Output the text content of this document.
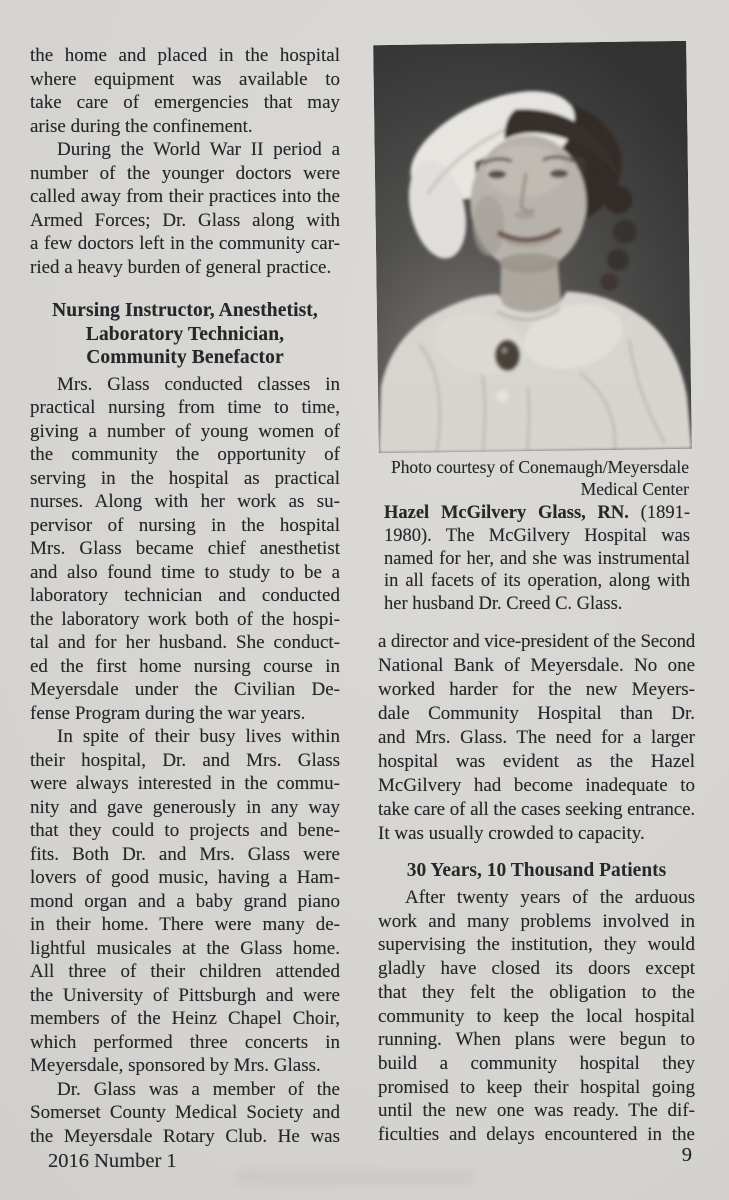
the home and placed in the hospital
where equipment was available to
take care of emergencies that may
arise during the confinement.
During the World War II period a
number of the younger doctors were
called away from their practices into the
Armed Forces; Dr. Glass along with
a few doctors left in the community car-
ried a heavy burden of general practice.
Nursing Instructor, Anesthetist,
Laboratory Technician,
Community Benefactor
Mrs. Glass conducted classes in
practical nursing from time to time,
giving a number of young women of
the community the opportunity of
serving in the hospital as practical
nurses. Along with her work as su-
pervisor of nursing in the hospital
Mrs. Glass became chief anesthetist
and also found time to study to be a
laboratory technician and conducted
the laboratory work both of the hospi-
tal and for her husband. She conduct-
ed the first home nursing course in
Meyersdale under the Civilian De-
fense Program during the war years.
In spite of their busy lives within
their hospital, Dr. and Mrs. Glass
were always interested in the commu-
nity and gave generously in any way
that they could to projects and bene-
fits. Both Dr. and Mrs. Glass were
lovers of good music, having a Ham-
mond organ and a baby grand piano
in their home. There were many de-
lightful musicales at the Glass home.
All three of their children attended
the University of Pittsburgh and were
members of the Heinz Chapel Choir,
which performed three concerts in
Meyersdale, sponsored by Mrs. Glass.
Dr. Glass was a member of the
Somerset County Medical Society and
the Meyersdale Rotary Club. He was
Photo courtesy of Conemaugh/Meyersdale
Medical Center
Hazel McGilvery Glass, RN. (1891-
1980). The McGilvery Hospital was
named for her, and she was instrumental
in all facets of its operation, along with
her husband Dr. Creed C. Glass.
a director and vice-president of the Second
National Bank of Meyersdale. No one
worked harder for the new Meyers-
dale Community Hospital than Dr.
and Mrs. Glass. The need for a larger
hospital was evident as the Hazel
McGilvery had become inadequate to
take care of all the cases seeking entrance.
It was usually crowded to capacity.
30 Years, 10 Thousand Patients
After twenty years of the arduous
work and many problems involved in
supervising the institution, they would
gladly have closed its doors except
that they felt the obligation to the
community to keep the local hospital
running. When plans were begun to
build a community hospital they
promised to keep their hospital going
until the new one was ready. The dif-
ficulties and delays encountered in the
2016 Number 1	9
